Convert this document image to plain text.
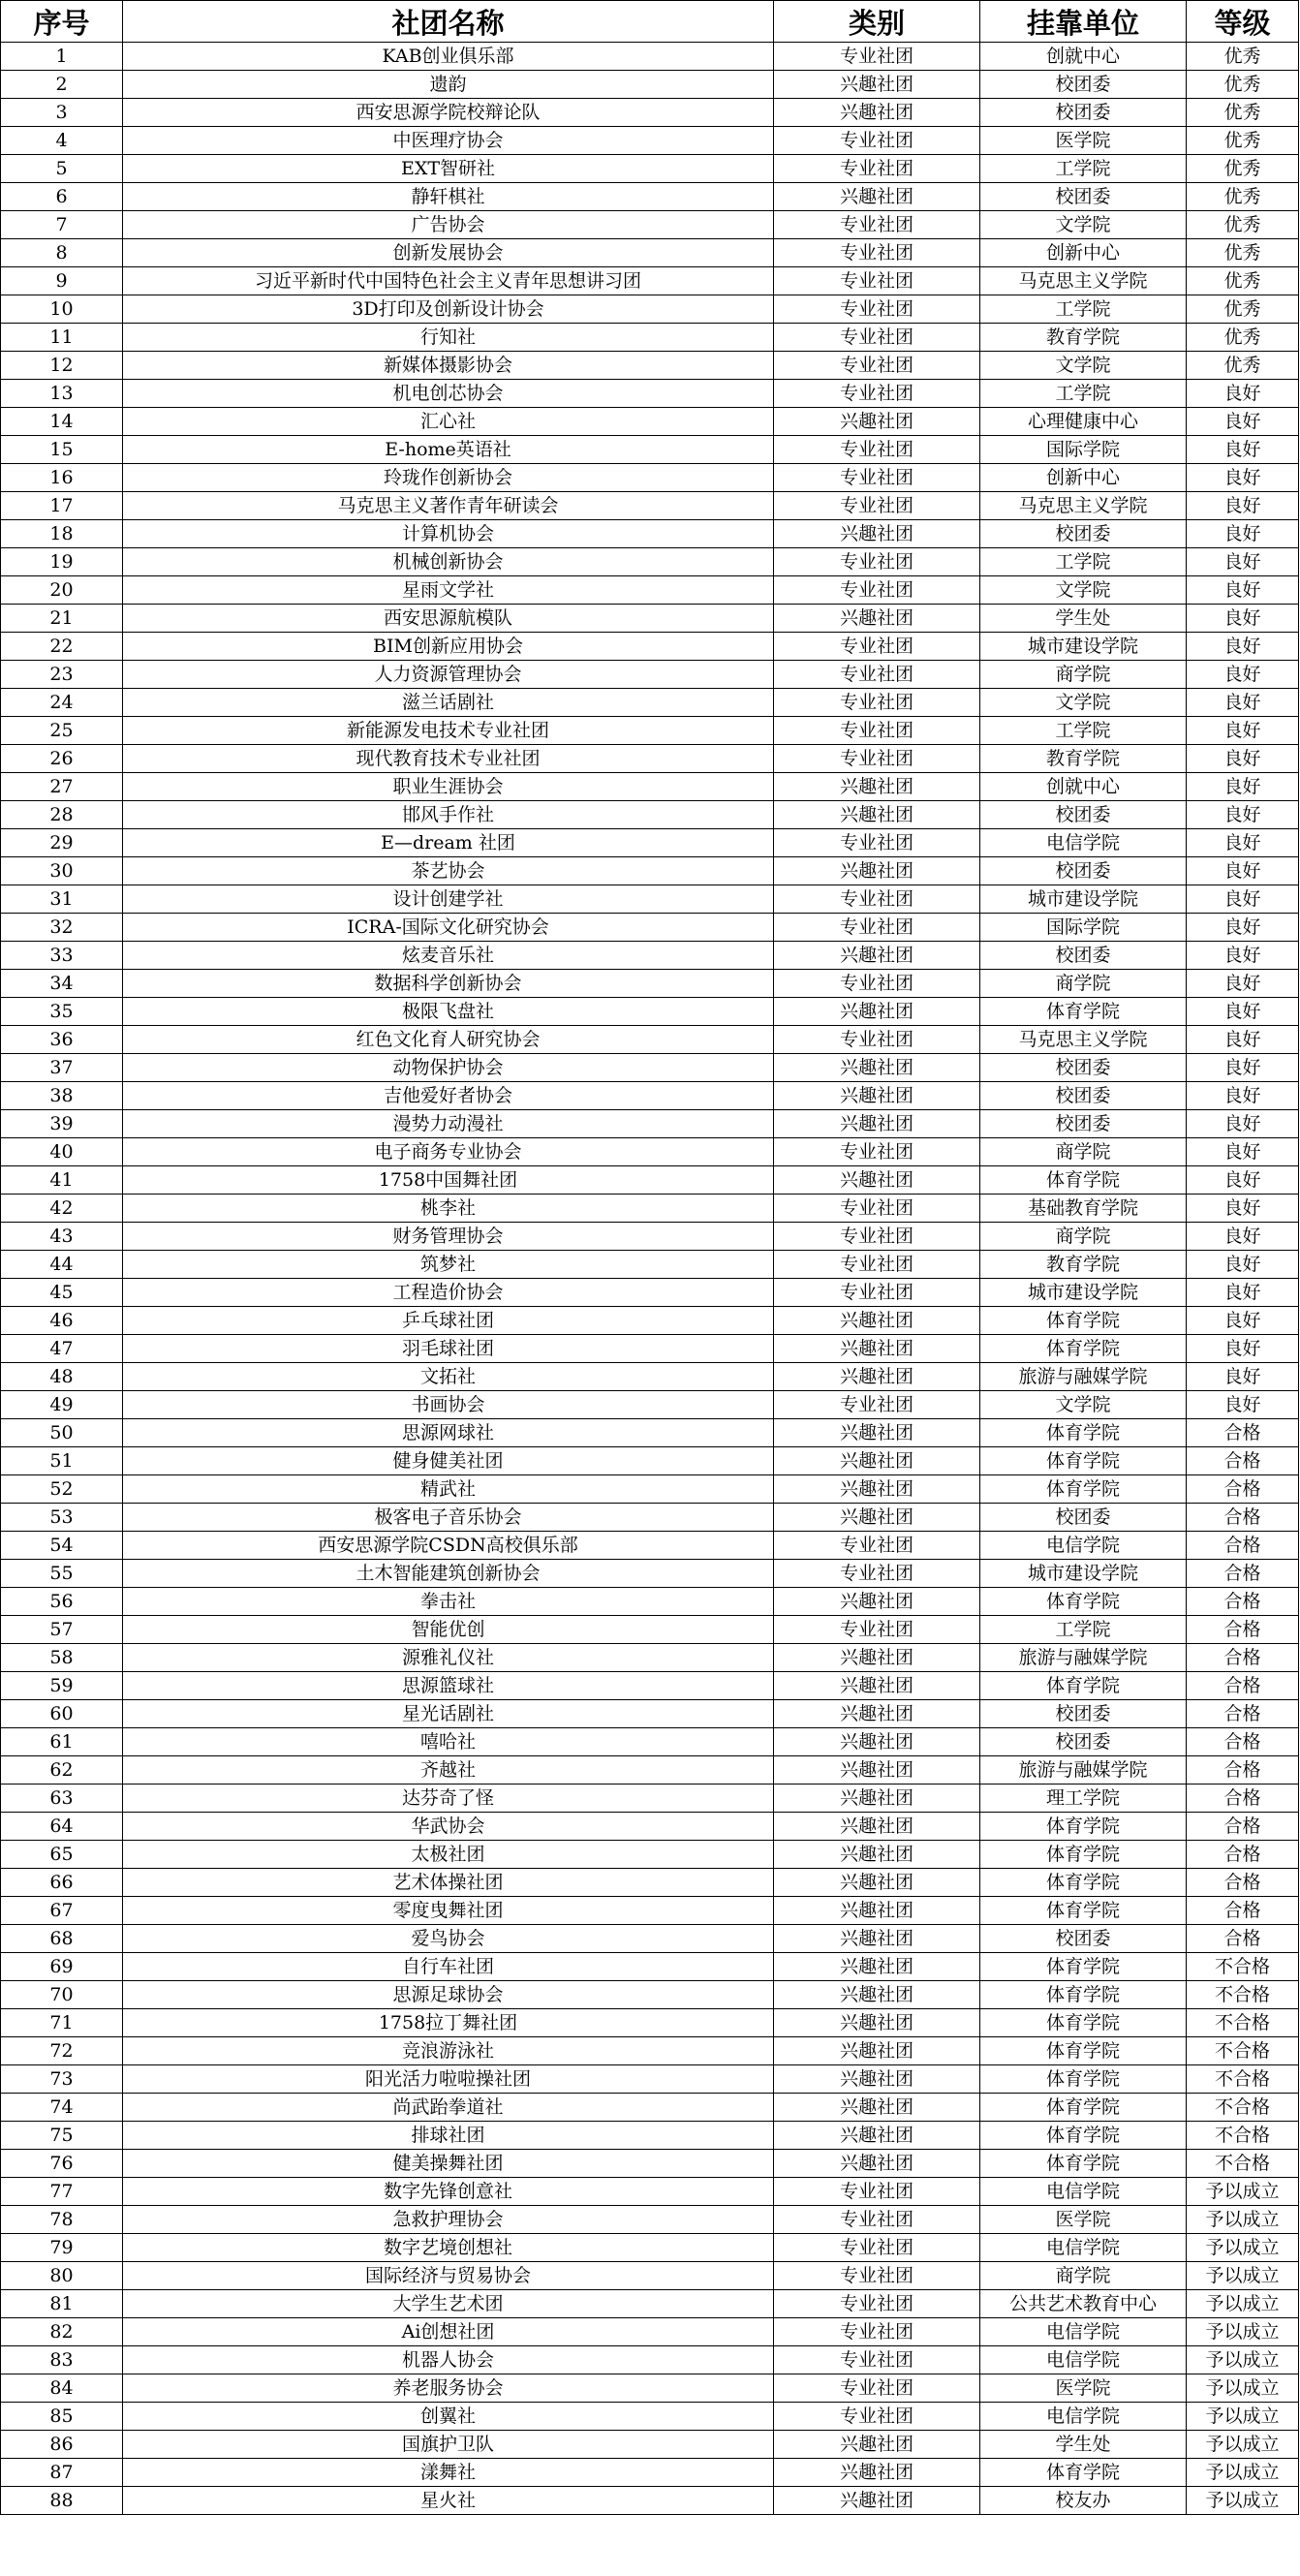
序号	社团名称	类别	挂靠单位	等级
1	KAB创业俱乐部	专业社团	创就中心	优秀
2	遗韵	兴趣社团	校团委	优秀
3	西安思源学院校辩论队	兴趣社团	校团委	优秀
4	中医理疗协会	专业社团	医学院	优秀
5	EXT智研社	专业社团	工学院	优秀
6	静轩棋社	兴趣社团	校团委	优秀
7	广告协会	专业社团	文学院	优秀
8	创新发展协会	专业社团	创新中心	优秀
9	习近平新时代中国特色社会主义青年思想讲习团	专业社团	马克思主义学院	优秀
10	3D打印及创新设计协会	专业社团	工学院	优秀
11	行知社	专业社团	教育学院	优秀
12	新媒体摄影协会	专业社团	文学院	优秀
13	机电创芯协会	专业社团	工学院	良好
14	汇心社	兴趣社团	心理健康中心	良好
15	E-home英语社	专业社团	国际学院	良好
16	玲珑作创新协会	专业社团	创新中心	良好
17	马克思主义著作青年研读会	专业社团	马克思主义学院	良好
18	计算机协会	兴趣社团	校团委	良好
19	机械创新协会	专业社团	工学院	良好
20	星雨文学社	专业社团	文学院	良好
21	西安思源航模队	兴趣社团	学生处	良好
22	BIM创新应用协会	专业社团	城市建设学院	良好
23	人力资源管理协会	专业社团	商学院	良好
24	滋兰话剧社	专业社团	文学院	良好
25	新能源发电技术专业社团	专业社团	工学院	良好
26	现代教育技术专业社团	专业社团	教育学院	良好
27	职业生涯协会	兴趣社团	创就中心	良好
28	邯风手作社	兴趣社团	校团委	良好
29	E—dream 社团	专业社团	电信学院	良好
30	茶艺协会	兴趣社团	校团委	良好
31	设计创建学社	专业社团	城市建设学院	良好
32	ICRA-国际文化研究协会	专业社团	国际学院	良好
33	炫麦音乐社	兴趣社团	校团委	良好
34	数据科学创新协会	专业社团	商学院	良好
35	极限飞盘社	兴趣社团	体育学院	良好
36	红色文化育人研究协会	专业社团	马克思主义学院	良好
37	动物保护协会	兴趣社团	校团委	良好
38	吉他爱好者协会	兴趣社团	校团委	良好
39	漫势力动漫社	兴趣社团	校团委	良好
40	电子商务专业协会	专业社团	商学院	良好
41	1758中国舞社团	兴趣社团	体育学院	良好
42	桃李社	专业社团	基础教育学院	良好
43	财务管理协会	专业社团	商学院	良好
44	筑梦社	专业社团	教育学院	良好
45	工程造价协会	专业社团	城市建设学院	良好
46	乒乓球社团	兴趣社团	体育学院	良好
47	羽毛球社团	兴趣社团	体育学院	良好
48	文拓社	兴趣社团	旅游与融媒学院	良好
49	书画协会	专业社团	文学院	良好
50	思源网球社	兴趣社团	体育学院	合格
51	健身健美社团	兴趣社团	体育学院	合格
52	精武社	兴趣社团	体育学院	合格
53	极客电子音乐协会	兴趣社团	校团委	合格
54	西安思源学院CSDN高校俱乐部	专业社团	电信学院	合格
55	土木智能建筑创新协会	专业社团	城市建设学院	合格
56	拳击社	兴趣社团	体育学院	合格
57	智能优创	专业社团	工学院	合格
58	源雅礼仪社	兴趣社团	旅游与融媒学院	合格
59	思源篮球社	兴趣社团	体育学院	合格
60	星光话剧社	兴趣社团	校团委	合格
61	嘻哈社	兴趣社团	校团委	合格
62	齐越社	兴趣社团	旅游与融媒学院	合格
63	达芬奇了怪	兴趣社团	理工学院	合格
64	华武协会	兴趣社团	体育学院	合格
65	太极社团	兴趣社团	体育学院	合格
66	艺术体操社团	兴趣社团	体育学院	合格
67	零度曳舞社团	兴趣社团	体育学院	合格
68	爱鸟协会	兴趣社团	校团委	合格
69	自行车社团	兴趣社团	体育学院	不合格
70	思源足球协会	兴趣社团	体育学院	不合格
71	1758拉丁舞社团	兴趣社团	体育学院	不合格
72	竞浪游泳社	兴趣社团	体育学院	不合格
73	阳光活力啦啦操社团	兴趣社团	体育学院	不合格
74	尚武跆拳道社	兴趣社团	体育学院	不合格
75	排球社团	兴趣社团	体育学院	不合格
76	健美操舞社团	兴趣社团	体育学院	不合格
77	数字先锋创意社	专业社团	电信学院	予以成立
78	急救护理协会	专业社团	医学院	予以成立
79	数字艺境创想社	专业社团	电信学院	予以成立
80	国际经济与贸易协会	专业社团	商学院	予以成立
81	大学生艺术团	专业社团	公共艺术教育中心	予以成立
82	Ai创想社团	专业社团	电信学院	予以成立
83	机器人协会	专业社团	电信学院	予以成立
84	养老服务协会	专业社团	医学院	予以成立
85	创翼社	专业社团	电信学院	予以成立
86	国旗护卫队	兴趣社团	学生处	予以成立
87	漾舞社	兴趣社团	体育学院	予以成立
88	星火社	兴趣社团	校友办	予以成立
